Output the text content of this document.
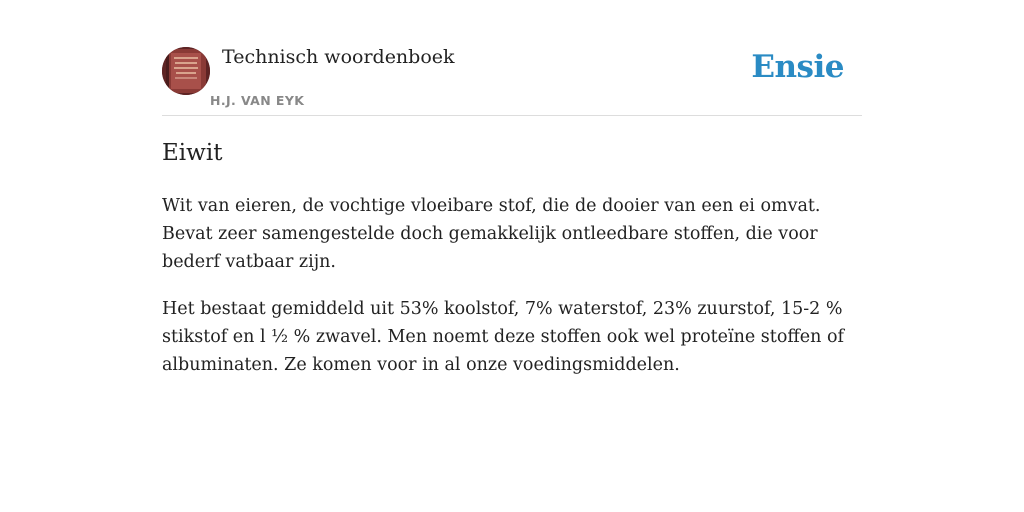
Technisch woordenboek
H.J. VAN EYK
Ensie
Eiwit

Wit van eieren, de vochtige vloeibare stof, die de dooier van een ei omvat. Bevat zeer samengestelde doch gemakkelijk ontleedbare stoffen, die voor bederf vatbaar zijn.

Het bestaat gemiddeld uit 53% koolstof, 7% waterstof, 23% zuurstof, 15-2 % stikstof en l ½ % zwavel. Men noemt deze stoffen ook wel proteïne stoffen of albuminaten. Ze komen voor in al onze voedingsmiddelen.
